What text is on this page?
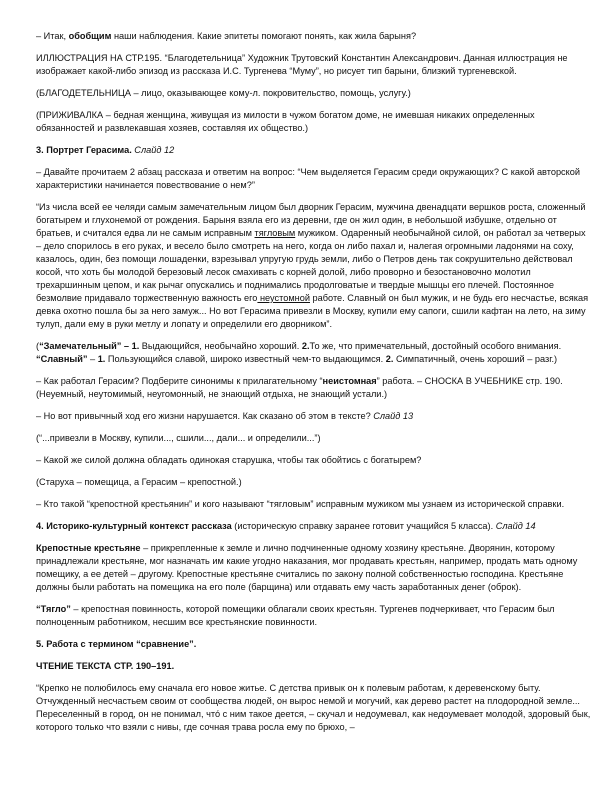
– Итак, обобщим наши наблюдения. Какие эпитеты помогают понять, как жила барыня?

ИЛЛЮСТРАЦИЯ НА СТР.195. “Благодетельница” Художник Трутовский Константин Александрович. Данная иллюстрация не изображает какой-либо эпизод из рассказа И.С. Тургенева “Муму”, но рисует тип барыни, близкий тургеневской.

(БЛАГОДЕТЕЛЬНИЦА – лицо, оказывающее кому-л. покровительство, помощь, услугу.)

(ПРИЖИВАЛКА – бедная женщина, живущая из милости в чужом богатом доме, не имевшая никаких определенных обязанностей и развлекавшая хозяев, составляя их общество.)

3. Портрет Герасима. Слайд 12

– Давайте прочитаем 2 абзац рассказа и ответим на вопрос: “Чем выделяется Герасим среди окружающих? С какой авторской характеристики начинается повествование о нем?”

“Из числа всей ее челяди самым замечательным лицом был дворник Герасим, мужчина двенадцати вершков роста, сложенный богатырем и глухонемой от рождения. Барыня взяла его из деревни, где он жил один, в небольшой избушке, отдельно от братьев, и считался едва ли не самым исправным тягловым мужиком. Одаренный необычайной силой, он работал за четверых – дело спорилось в его руках, и весело было смотреть на него, когда он либо пахал и, налегая огромными ладонями на соху, казалось, один, без помощи лошаденки, взрезывал упругую грудь земли, либо о Петров день так сокрушительно действовал косой, что хоть бы молодой березовый лесок смахивать с корней долой, либо проворно и безостановочно молотил трехаршинным цепом, и как рычаг опускались и поднимались продолговатые и твердые мышцы его плечей. Постоянное безмолвие придавало торжественную важность его неустомной работе. Славный он был мужик, и не будь его несчастье, всякая девка охотно пошла бы за него замуж... Но вот Герасима привезли в Москву, купили ему сапоги, сшили кафтан на лето, на зиму тулуп, дали ему в руки метлу и лопату и определили его дворником”.

(“Замечательный” – 1. Выдающийся, необычайно хороший. 2.То же, что примечательный, достойный особого внимания. “Славный” – 1. Пользующийся славой, широко известный чем-то выдающимся. 2. Симпатичный, очень хороший – разг.)

– Как работал Герасим? Подберите синонимы к прилагательному “неистомная” работа. – СНОСКА В УЧЕБНИКЕ стр. 190. (Неуемный, неутомимый, неугомонный, не знающий отдыха, не знающий устали.)

– Но вот привычный ход его жизни нарушается. Как сказано об этом в тексте? Слайд 13

(“...привезли в Москву, купили..., сшили..., дали... и определили...”)

– Какой же силой должна обладать одинокая старушка, чтобы так обойтись с богатырем?

(Старуха – помещица, а Герасим – крепостной.)

– Кто такой “крепостной крестьянин” и кого называют “тягловым” исправным мужиком мы узнаем из исторической справки.

4. Историко-культурный контекст рассказа (историческую справку заранее готовит учащийся 5 класса). Слайд 14

Крепостные крестьяне – прикрепленные к земле и лично подчиненные одному хозяину крестьяне. Дворянин, которому принадлежали крестьяне, мог назначать им какие угодно наказания, мог продавать крестьян, например, продать мать одному помещику, а ее детей – другому. Крепостные крестьяне считались по закону полной собственностью господина. Крестьяне должны были работать на помещика на его поле (барщина) или отдавать ему часть заработанных денег (оброк).

“Тягло” – крепостная повинность, которой помещики облагали своих крестьян. Тургенев подчеркивает, что Герасим был полноценным работником, несшим все крестьянские повинности.

5. Работа с термином “сравнение”.

ЧТЕНИЕ ТЕКСТА СТР. 190–191.

“Крепко не полюбилось ему сначала его новое житье. С детства привык он к полевым работам, к деревенскому быту. Отчужденный несчастьем своим от сообщества людей, он вырос немой и могучий, как дерево растет на плодородной земле... Переселенный в город, он не понимал, что́ с ним такое деется, – скучал и недоумевал, как недоумевает молодой, здоровый бык, которого только что взяли с нивы, где сочная трава росла ему по брюхо, –
